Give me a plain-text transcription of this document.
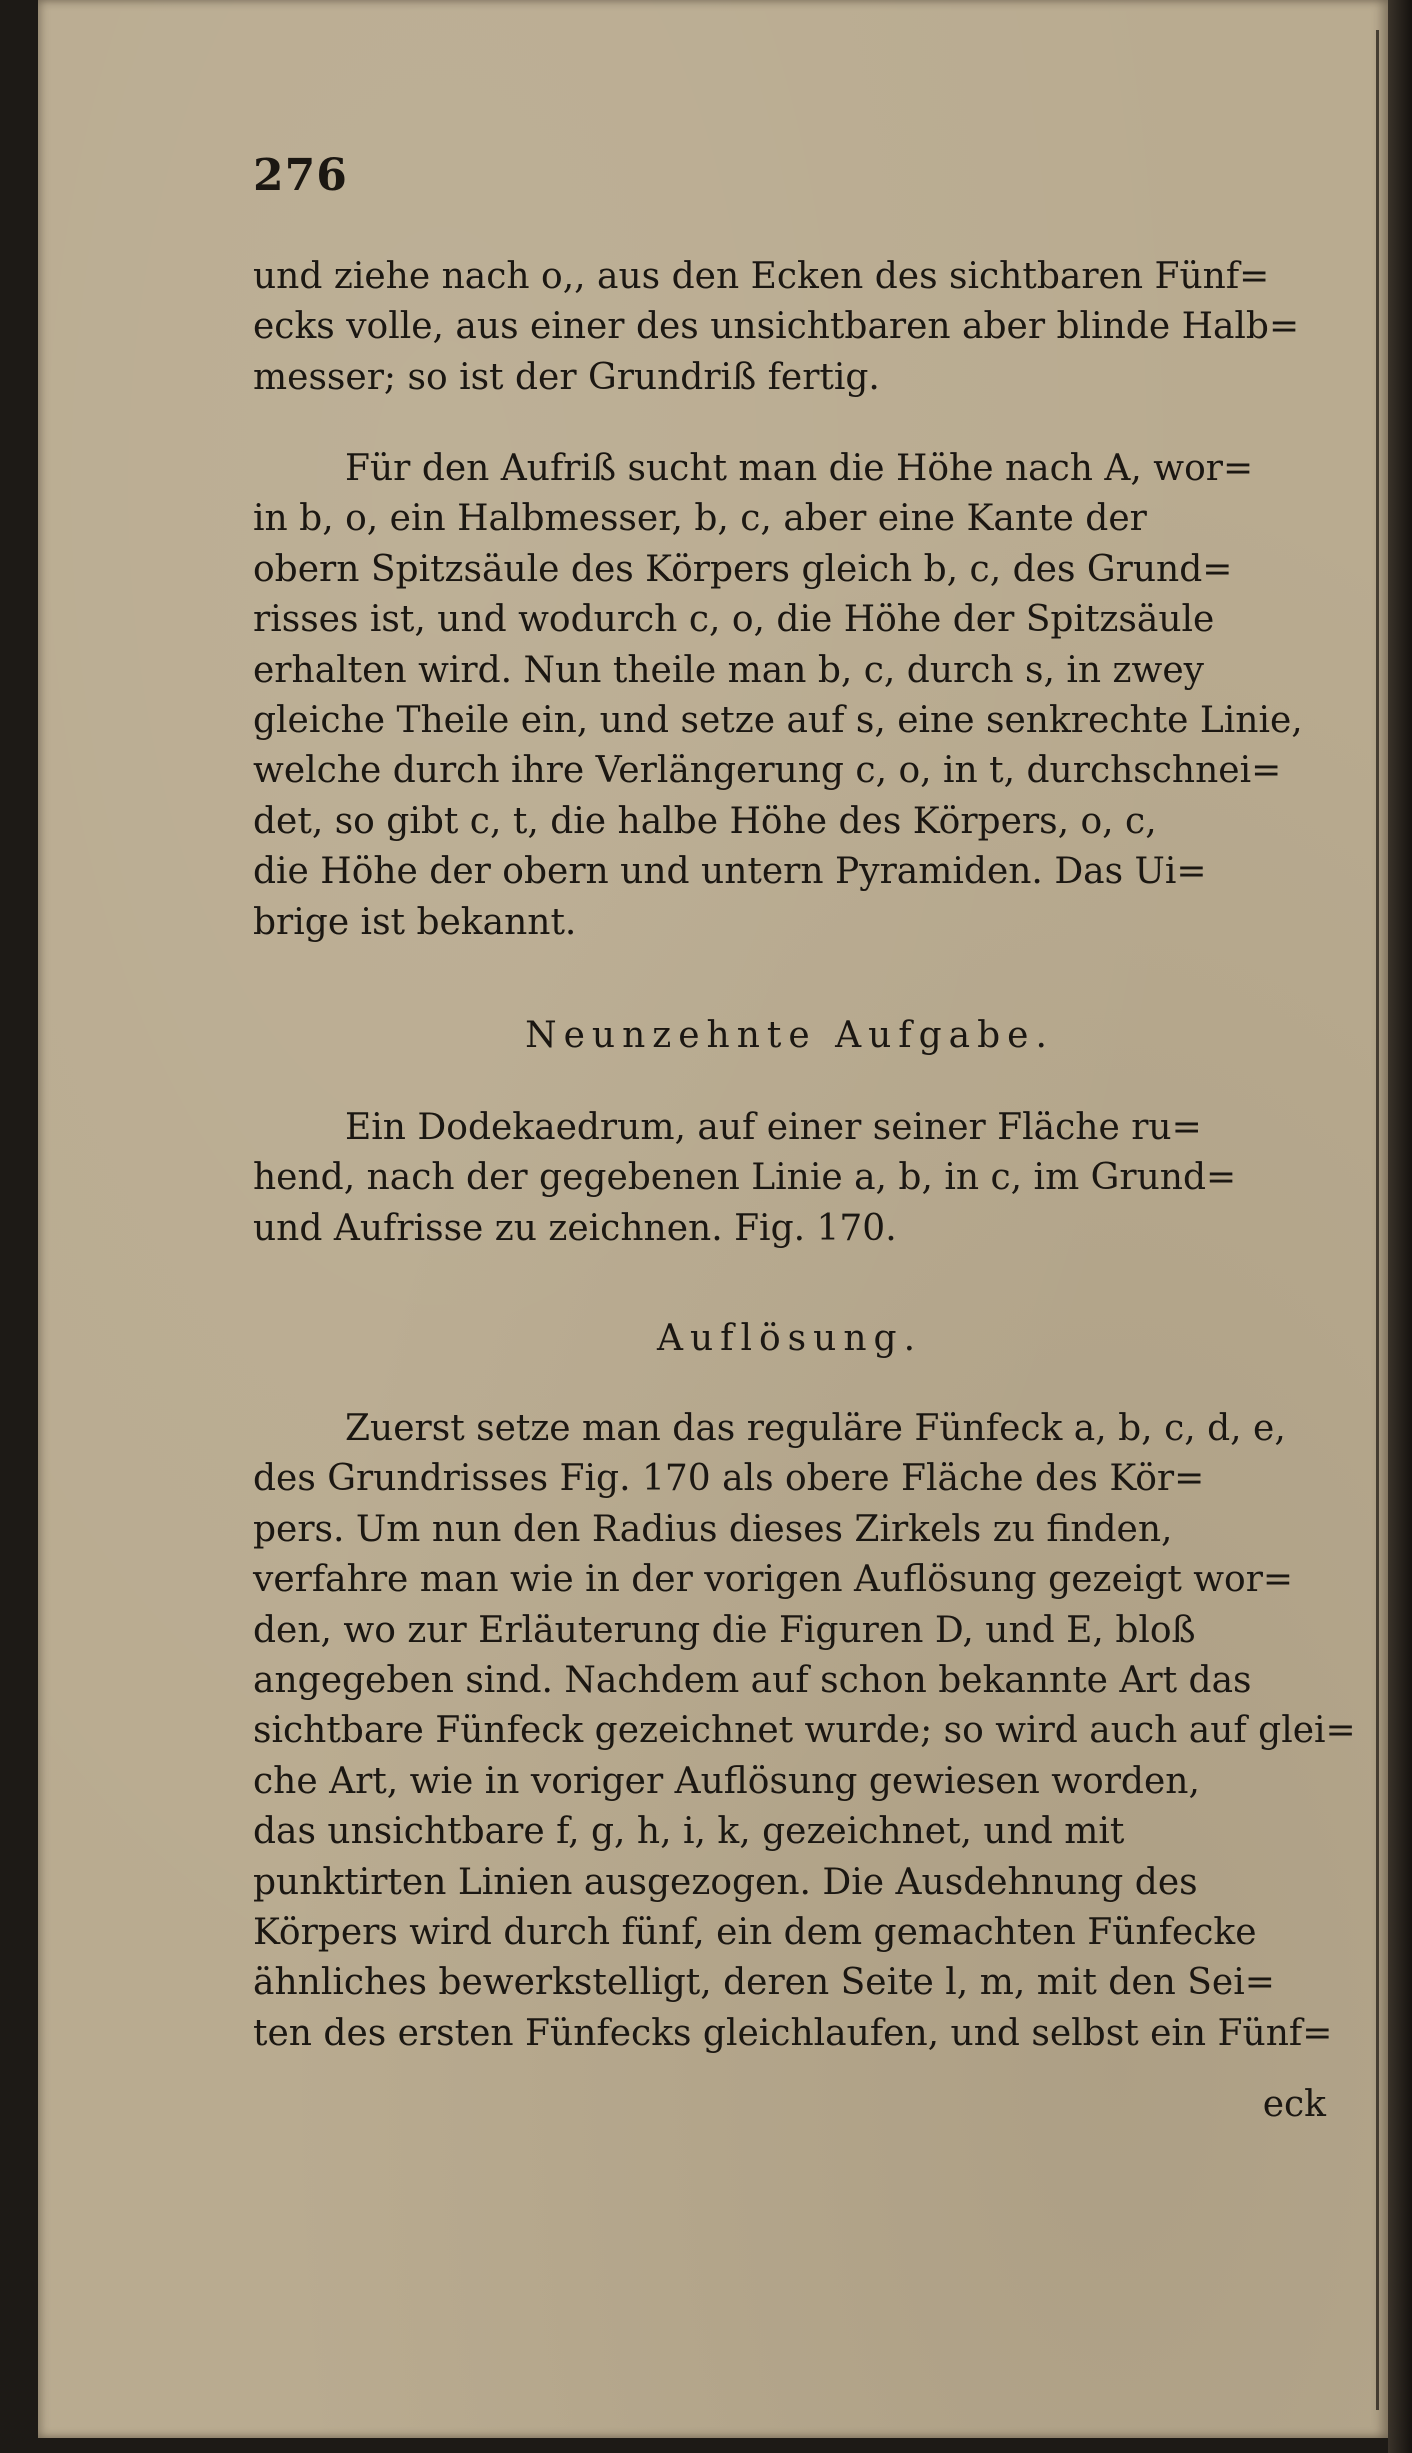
276
und ziehe nach o,, aus den Ecken des sichtbaren Fünf=
ecks volle, aus einer des unsichtbaren aber blinde Halb=
messer; so ist der Grundriß fertig.
Für den Aufriß sucht man die Höhe nach A, wor=
in b, o, ein Halbmesser, b, c, aber eine Kante der
obern Spitzsäule des Körpers gleich b, c, des Grund=
risses ist, und wodurch c, o, die Höhe der Spitzsäule
erhalten wird. Nun theile man b, c, durch s, in zwey
gleiche Theile ein, und setze auf s, eine senkrechte Linie,
welche durch ihre Verlängerung c, o, in t, durchschnei=
det, so gibt c, t, die halbe Höhe des Körpers, o, c,
die Höhe der obern und untern Pyramiden. Das Ui=
brige ist bekannt.
Neunzehnte Aufgabe.
Ein Dodekaedrum, auf einer seiner Fläche ru=
hend, nach der gegebenen Linie a, b, in c, im Grund=
und Aufrisse zu zeichnen. Fig. 170.
Auflösung.
Zuerst setze man das reguläre Fünfeck a, b, c, d, e,
des Grundrisses Fig. 170 als obere Fläche des Kör=
pers. Um nun den Radius dieses Zirkels zu finden,
verfahre man wie in der vorigen Auflösung gezeigt wor=
den, wo zur Erläuterung die Figuren D, und E, bloß
angegeben sind. Nachdem auf schon bekannte Art das
sichtbare Fünfeck gezeichnet wurde; so wird auch auf glei=
che Art, wie in voriger Auflösung gewiesen worden,
das unsichtbare f, g, h, i, k, gezeichnet, und mit
punktirten Linien ausgezogen. Die Ausdehnung des
Körpers wird durch fünf, ein dem gemachten Fünfecke
ähnliches bewerkstelligt, deren Seite l, m, mit den Sei=
ten des ersten Fünfecks gleichlaufen, und selbst ein Fünf=
eck
